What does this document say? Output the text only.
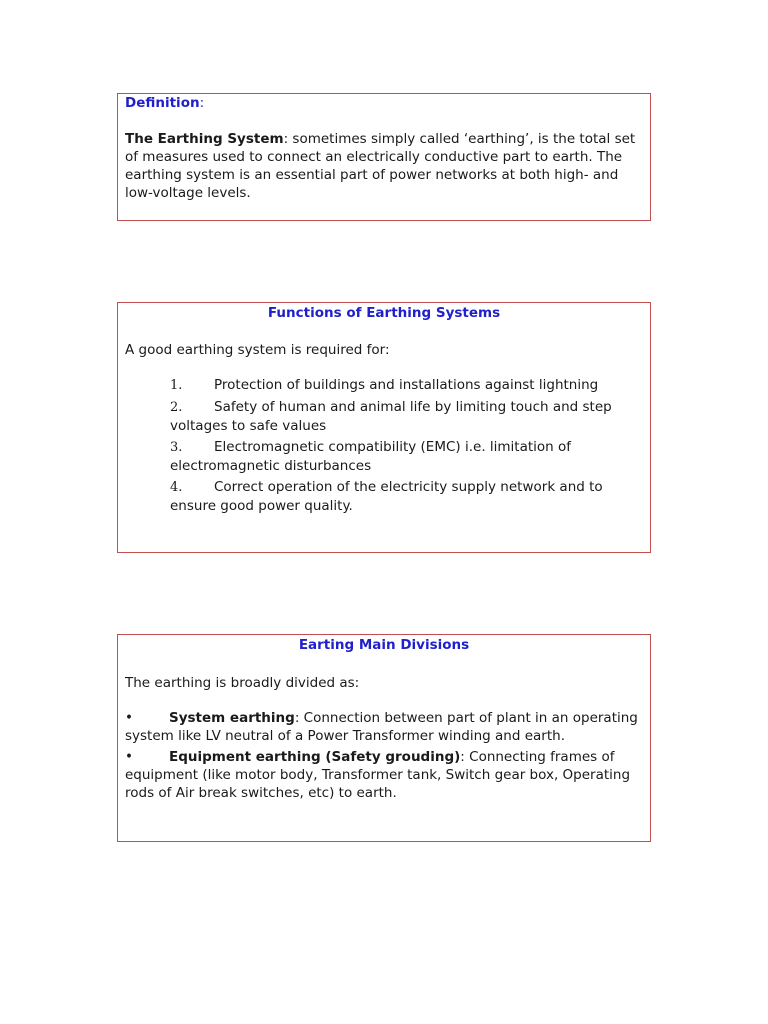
Definition:
The Earthing System: sometimes simply called ‘earthing’, is the total set of measures used to connect an electrically conductive part to earth. The earthing system is an essential part of power networks at both high- and low-voltage levels.
Functions of Earthing Systems
A good earthing system is required for:
1. Protection of buildings and installations against lightning
2. Safety of human and animal life by limiting touch and step voltages to safe values
3. Electromagnetic compatibility (EMC) i.e. limitation of electromagnetic disturbances
4. Correct operation of the electricity supply network and to ensure good power quality.
Earting Main Divisions
The earthing is broadly divided as:
•	System earthing: Connection between part of plant in an operating system like LV neutral of a Power Transformer winding and earth.
•	Equipment earthing (Safety grouding): Connecting frames of equipment (like motor body, Transformer tank, Switch gear box, Operating rods of Air break switches, etc) to earth.
